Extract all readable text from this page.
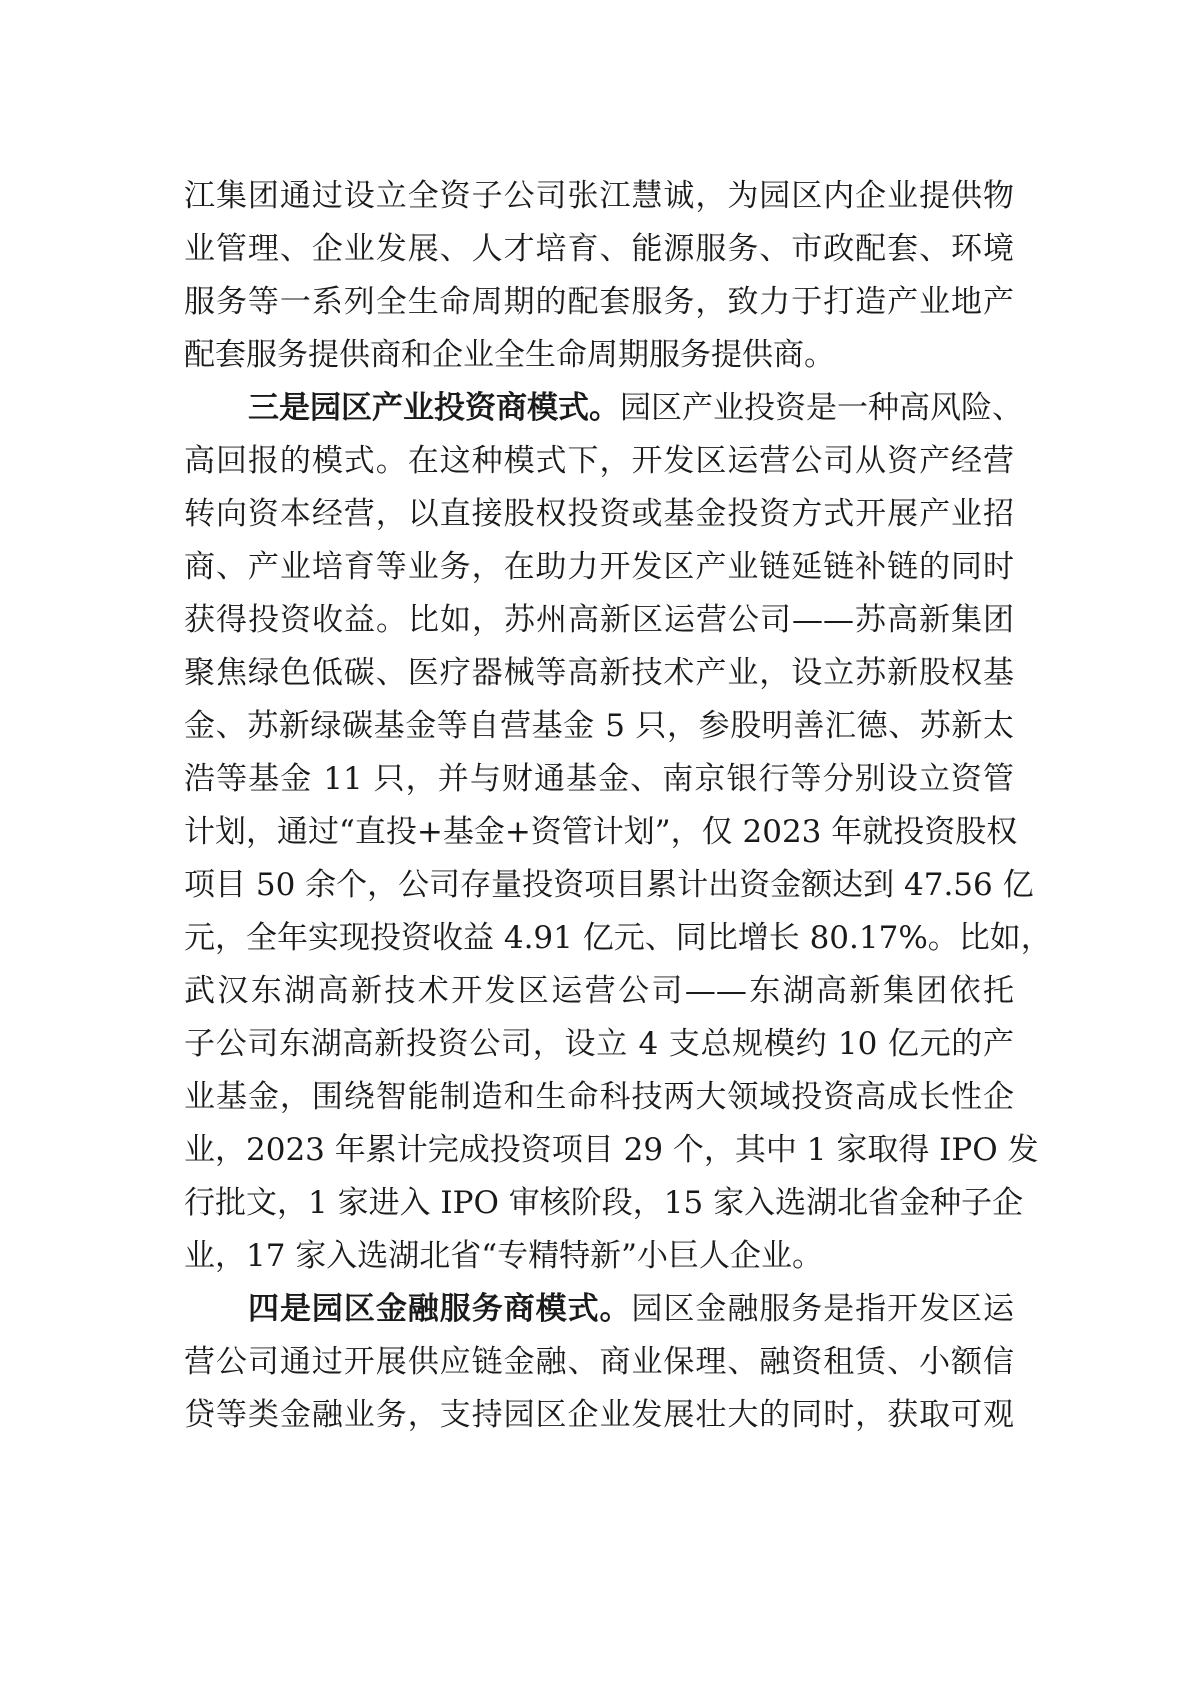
江集团通过设立全资子公司张江慧诚，为园区内企业提供物
业管理、企业发展、人才培育、能源服务、市政配套、环境
服务等一系列全生命周期的配套服务，致力于打造产业地产
配套服务提供商和企业全生命周期服务提供商。
三是园区产业投资商模式。园区产业投资是一种高风险、
高回报的模式。在这种模式下，开发区运营公司从资产经营
转向资本经营，以直接股权投资或基金投资方式开展产业招
商、产业培育等业务，在助力开发区产业链延链补链的同时
获得投资收益。比如，苏州高新区运营公司——苏高新集团
聚焦绿色低碳、医疗器械等高新技术产业，设立苏新股权基
金、苏新绿碳基金等自营基金 5 只，参股明善汇德、苏新太
浩等基金 11 只，并与财通基金、南京银行等分别设立资管
计划，通过“直投+基金+资管计划”，仅 2023 年就投资股权
项目 50 余个，公司存量投资项目累计出资金额达到 47.56 亿
元，全年实现投资收益 4.91 亿元、同比增长 80.17%。比如，
武汉东湖高新技术开发区运营公司——东湖高新集团依托
子公司东湖高新投资公司，设立 4 支总规模约 10 亿元的产
业基金，围绕智能制造和生命科技两大领域投资高成长性企
业，2023 年累计完成投资项目 29 个，其中 1 家取得 IPO 发
行批文，1 家进入 IPO 审核阶段，15 家入选湖北省金种子企
业，17 家入选湖北省“专精特新”小巨人企业。
四是园区金融服务商模式。园区金融服务是指开发区运
营公司通过开展供应链金融、商业保理、融资租赁、小额信
贷等类金融业务，支持园区企业发展壮大的同时，获取可观
